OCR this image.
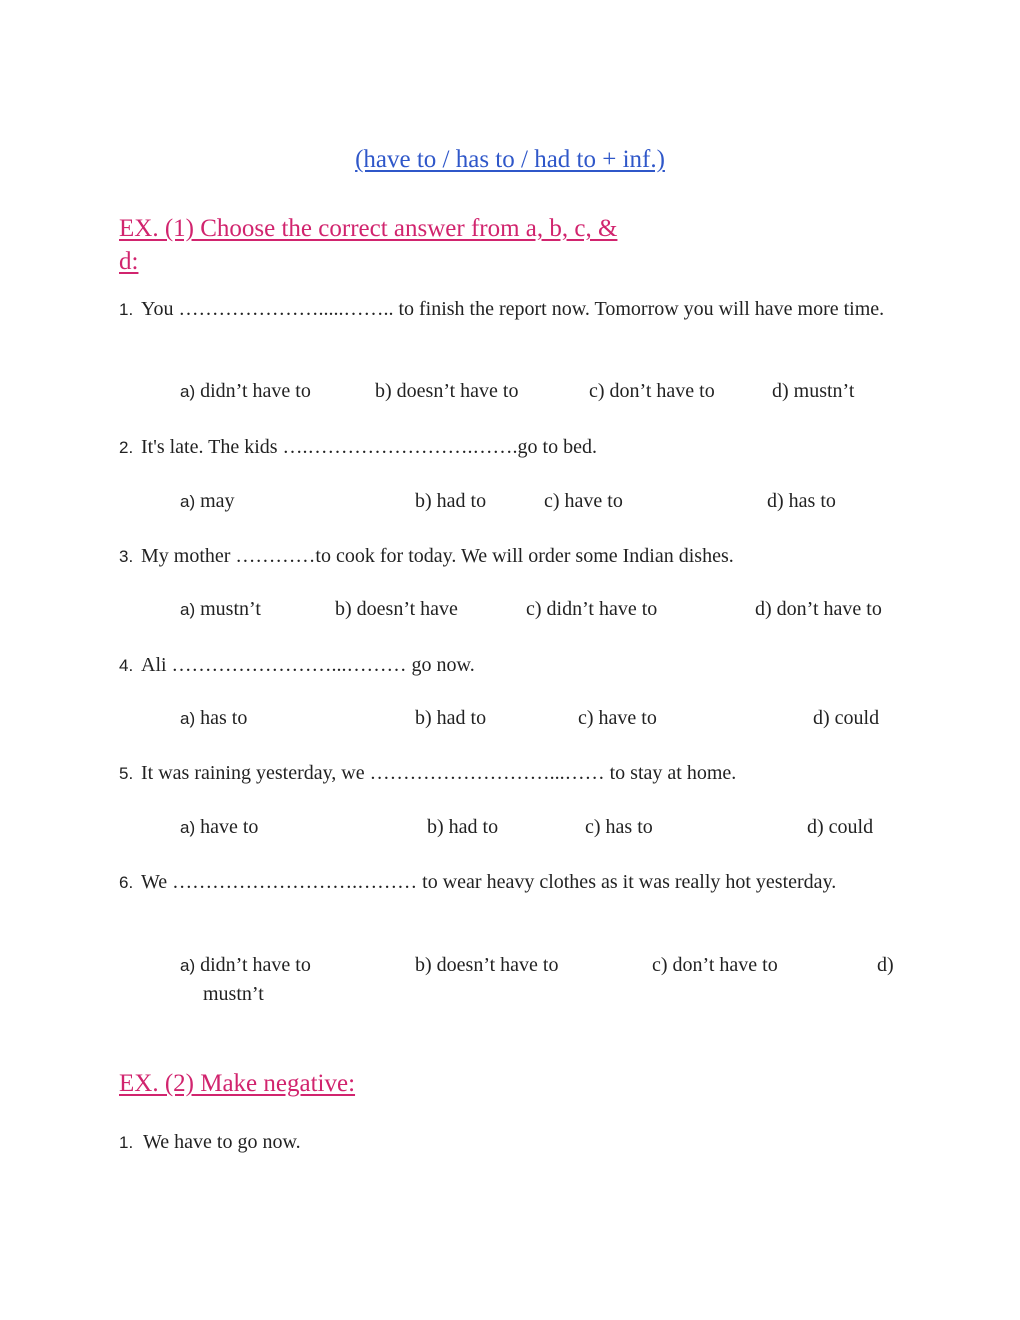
(have to / has to / had to + inf.)
EX. (1) Choose the correct answer from a, b, c, &
d:
1. You ………………….....…….. to finish the report now. Tomorrow you will have more time.
a) didn’t have to	b) doesn’t have to	c) don’t have to	d) mustn’t
2. It's late. The kids ….…………………….…….go to bed.
a) may	b) had to	c) have to	d) has to
3. My mother …………to cook for today. We will order some Indian dishes.
a) mustn’t	b) doesn’t have	c) didn’t have to	d) don’t have to
4. Ali ……………………...……… go now.
a) has to	b) had to	c) have to	d) could
5. It was raining yesterday, we ………………………...…… to stay at home.
a) have to	b) had to	c) has to	d) could
6. We ……………………….……… to wear heavy clothes as it was really hot yesterday.
a) didn’t have to	b) doesn’t have to	c) don’t have to	d)
mustn’t
EX. (2) Make negative:
1. We have to go now.
